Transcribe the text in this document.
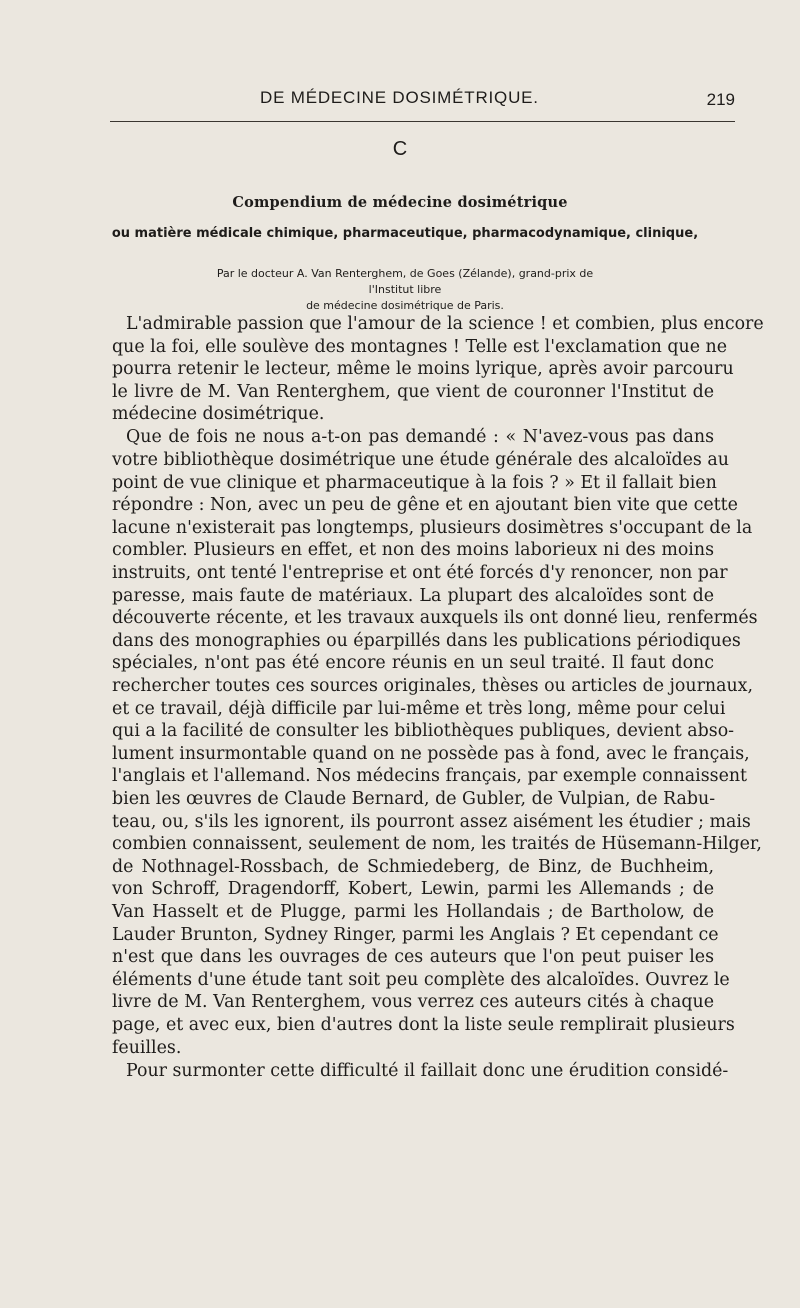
DE MÉDECINE DOSIMÉTRIQUE.	219
C
Compendium de médecine dosimétrique
ou matière médicale chimique, pharmaceutique, pharmacodynamique, clinique,
Par le docteur A. Van Renterghem, de Goes (Zélande), grand-prix de l'Institut libre
de médecine dosimétrique de Paris.

L'admirable passion que l'amour de la science ! et combien, plus encore
que la foi, elle soulève des montagnes ! Telle est l'exclamation que ne
pourra retenir le lecteur, même le moins lyrique, après avoir parcouru
le livre de M. Van Renterghem, que vient de couronner l'Institut de
médecine dosimétrique.

Que de fois ne nous a-t-on pas demandé : « N'avez-vous pas dans
votre bibliothèque dosimétrique une étude générale des alcaloïdes au
point de vue clinique et pharmaceutique à la fois ? » Et il fallait bien
répondre : Non, avec un peu de gêne et en ajoutant bien vite que cette
lacune n'existerait pas longtemps, plusieurs dosimètres s'occupant de la
combler. Plusieurs en effet, et non des moins laborieux ni des moins
instruits, ont tenté l'entreprise et ont été forcés d'y renoncer, non par
paresse, mais faute de matériaux. La plupart des alcaloïdes sont de
découverte récente, et les travaux auxquels ils ont donné lieu, renfermés
dans des monographies ou éparpillés dans les publications périodiques
spéciales, n'ont pas été encore réunis en un seul traité. Il faut donc
rechercher toutes ces sources originales, thèses ou articles de journaux,
et ce travail, déjà difficile par lui-même et très long, même pour celui
qui a la facilité de consulter les bibliothèques publiques, devient abso-
lument insurmontable quand on ne possède pas à fond, avec le français,
l'anglais et l'allemand. Nos médecins français, par exemple connaissent
bien les œuvres de Claude Bernard, de Gubler, de Vulpian, de Rabu-
teau, ou, s'ils les ignorent, ils pourront assez aisément les étudier ; mais
combien connaissent, seulement de nom, les traités de Hüsemann-Hilger,
de Nothnagel-Rossbach, de Schmiedeberg, de Binz, de Buchheim,
von Schroff, Dragendorff, Kobert, Lewin, parmi les Allemands ; de
Van Hasselt et de Plugge, parmi les Hollandais ; de Bartholow, de
Lauder Brunton, Sydney Ringer, parmi les Anglais ? Et cependant ce
n'est que dans les ouvrages de ces auteurs que l'on peut puiser les
éléments d'une étude tant soit peu complète des alcaloïdes. Ouvrez le
livre de M. Van Renterghem, vous verrez ces auteurs cités à chaque
page, et avec eux, bien d'autres dont la liste seule remplirait plusieurs
feuilles.

Pour surmonter cette difficulté il faillait donc une érudition considé-
